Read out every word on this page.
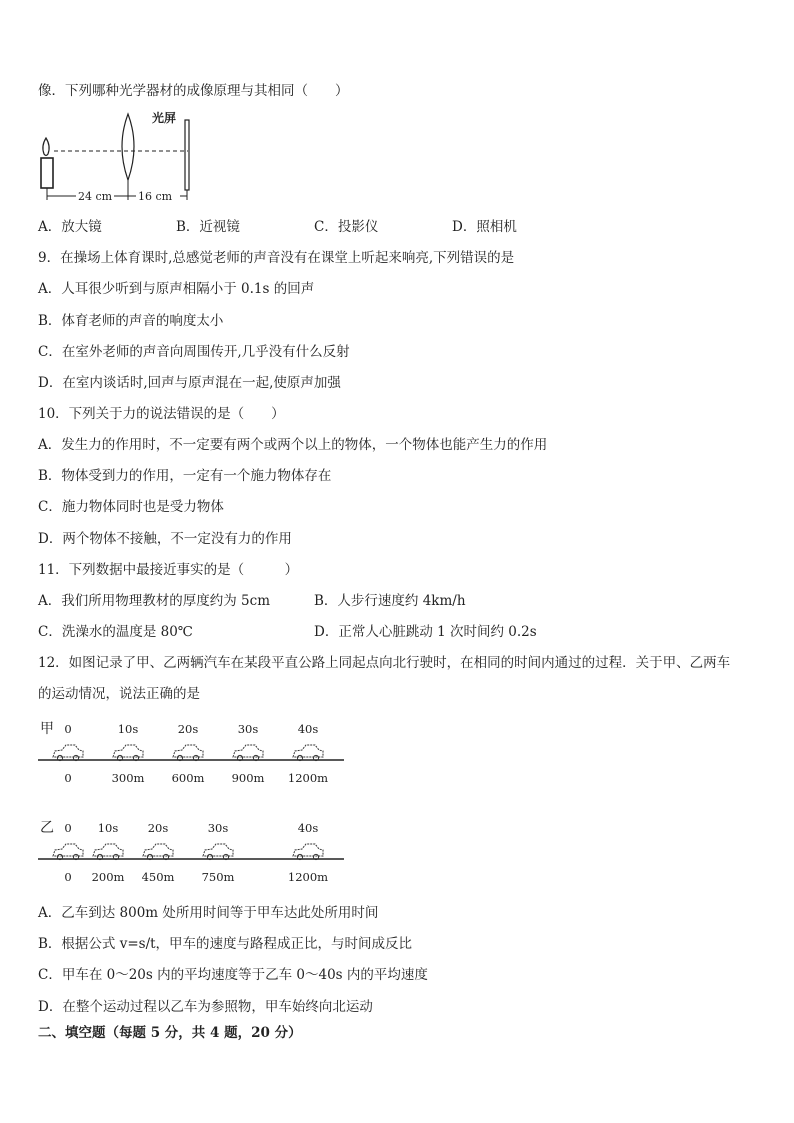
像．下列哪种光学器材的成像原理与其相同（　　）
光屏
24 cm 16 cm
A．放大镜	B．近视镜	C．投影仪	D．照相机
9．在操场上体育课时,总感觉老师的声音没有在课堂上听起来响亮,下列错误的是
A．人耳很少听到与原声相隔小于 0.1s 的回声
B．体育老师的声音的响度太小
C．在室外老师的声音向周围传开,几乎没有什么反射
D．在室内谈话时,回声与原声混在一起,使原声加强
10．下列关于力的说法错误的是（　　）
A．发生力的作用时，不一定要有两个或两个以上的物体，一个物体也能产生力的作用
B．物体受到力的作用，一定有一个施力物体存在
C．施力物体同时也是受力物体
D．两个物体不接触，不一定没有力的作用
11．下列数据中最接近事实的是（　　　）
A．我们所用物理教材的厚度约为 5cm	B．人步行速度约 4km/h
C．洗澡水的温度是 80℃	D．正常人心脏跳动 1 次时间约 0.2s
12．如图记录了甲、乙两辆汽车在某段平直公路上同起点向北行驶时，在相同的时间内通过的过程．关于甲、乙两车
的运动情况，说法正确的是
甲 0
0
10s
300m
20s
600m
30s
900m
40s
1200m
乙 0
0
10s
200m
20s
450m
30s
750m
40s
1200m
A．乙车到达 800m 处所用时间等于甲车达此处所用时间
B．根据公式 v=s/t，甲车的速度与路程成正比，与时间成反比
C．甲车在 0～20s 内的平均速度等于乙车 0～40s 内的平均速度
D．在整个运动过程以乙车为参照物，甲车始终向北运动
二、填空题（每题 5 分，共 4 题，20 分）
